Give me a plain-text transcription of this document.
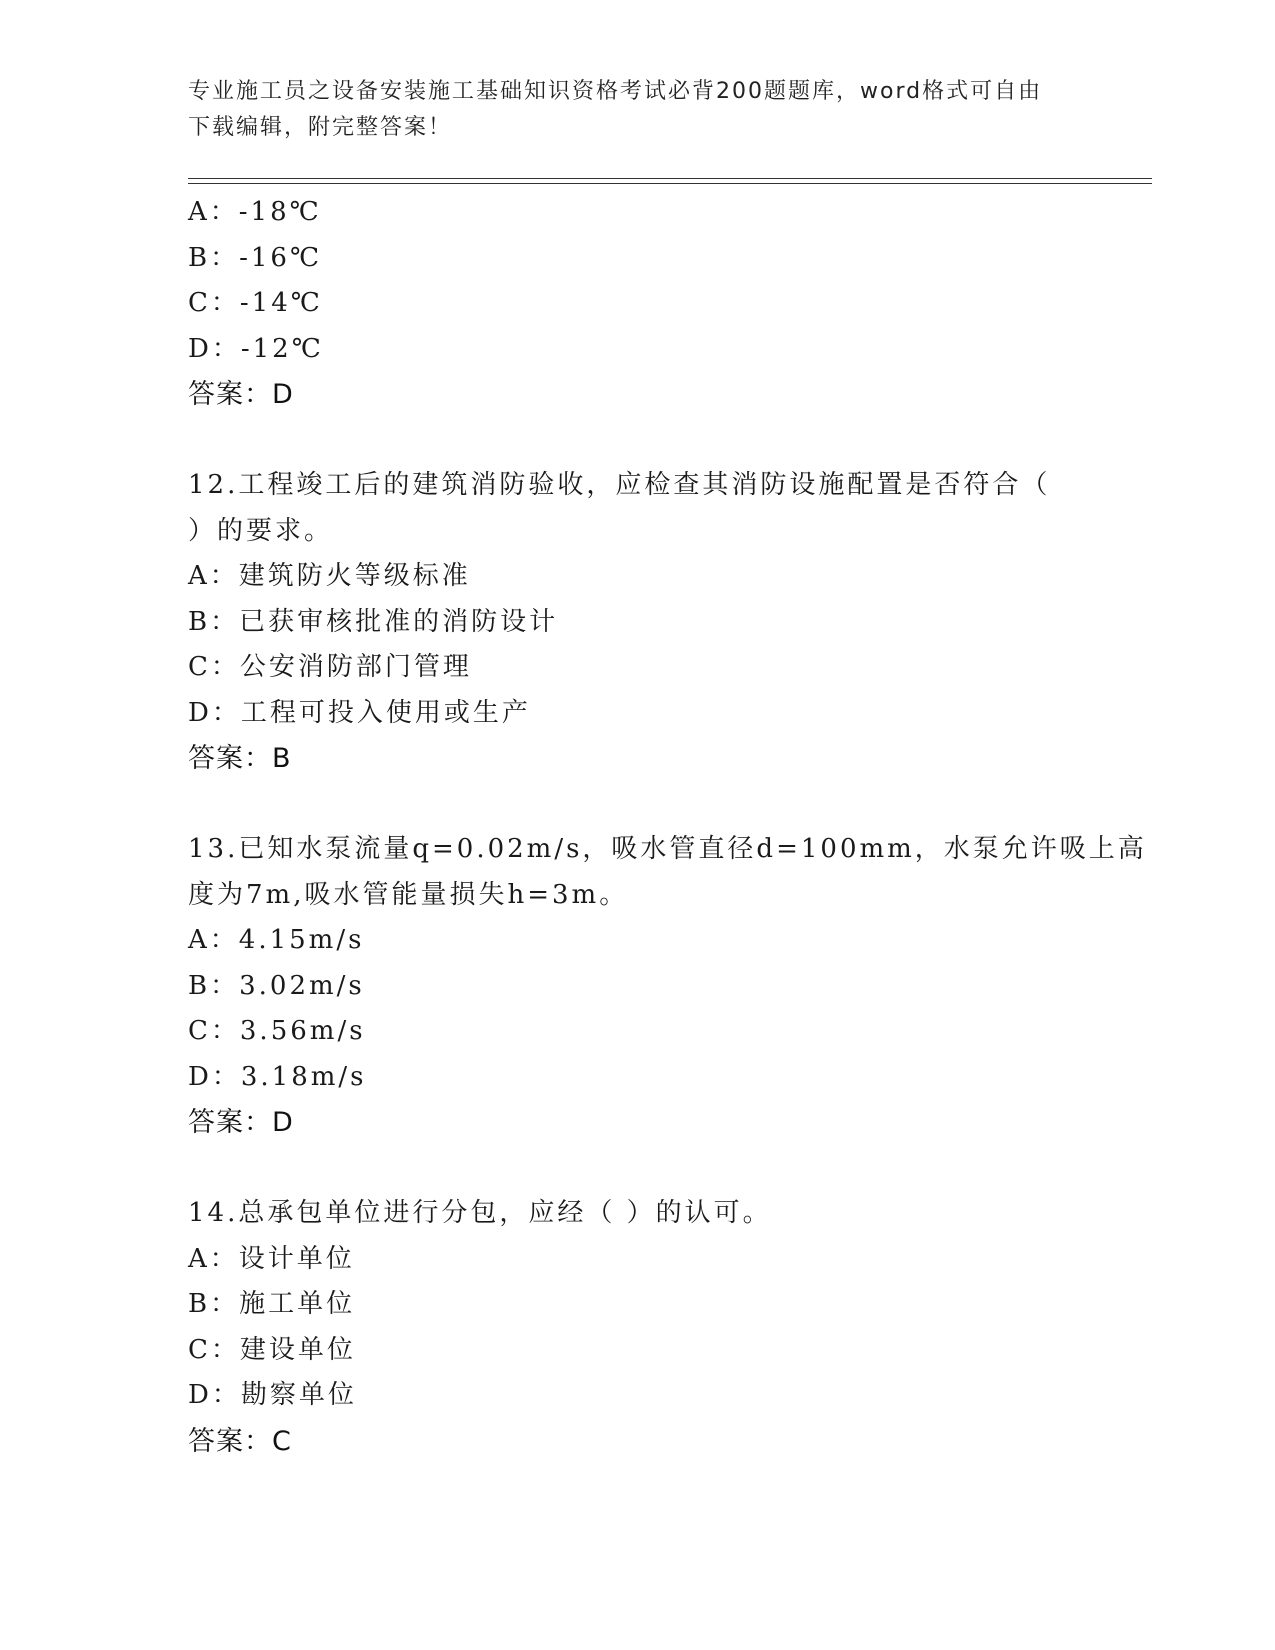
专业施工员之设备安装施工基础知识资格考试必背200题题库，word格式可自由
下载编辑，附完整答案！
A：-18℃
B：-16℃
C：-14℃
D：-12℃
答案：D
12.工程竣工后的建筑消防验收，应检查其消防设施配置是否符合（
）的要求。
A：建筑防火等级标准
B：已获审核批准的消防设计
C：公安消防部门管理
D：工程可投入使用或生产
答案：B
13.已知水泵流量q=0.02m/s，吸水管直径d=100mm，水泵允许吸上高
度为7m,吸水管能量损失h=3m。
A：4.15m/s
B：3.02m/s
C：3.56m/s
D：3.18m/s
答案：D
14.总承包单位进行分包，应经（ ）的认可。
A：设计单位
B：施工单位
C：建设单位
D：勘察单位
答案：C
